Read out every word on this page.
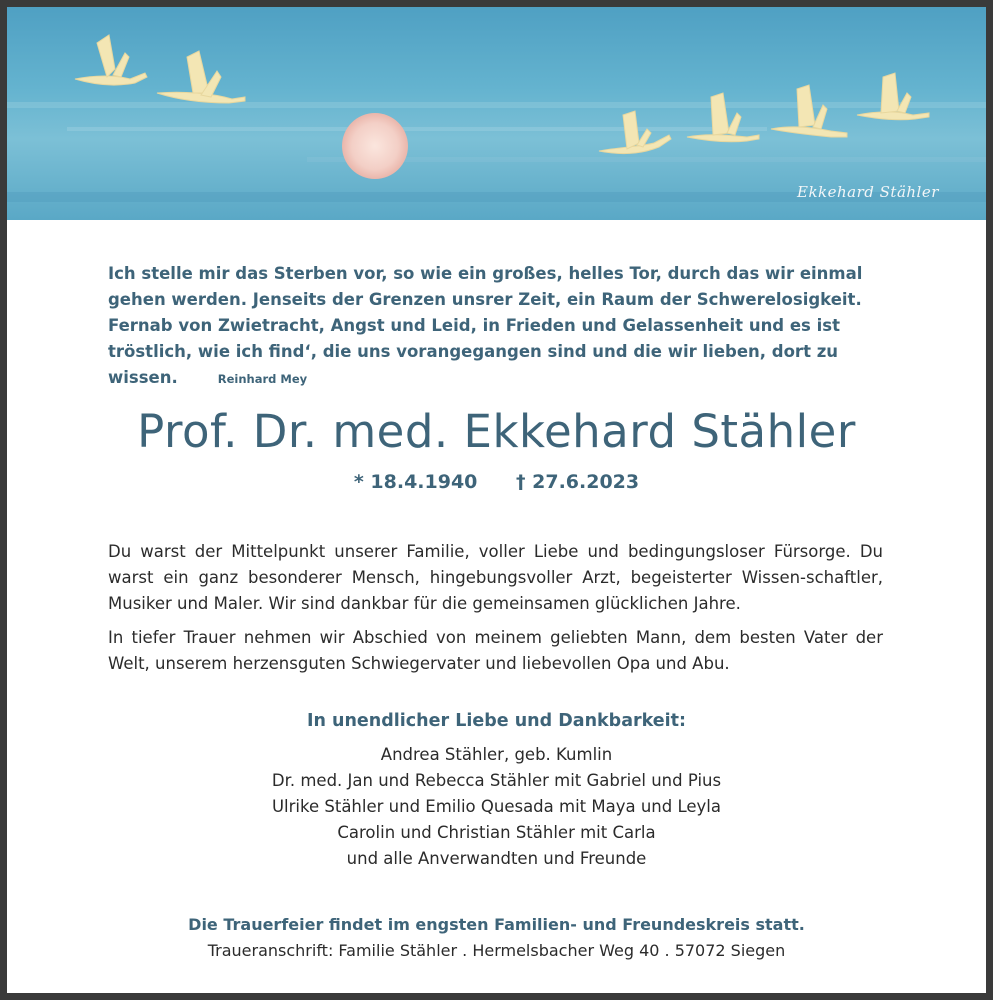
Ekkehard Stähler

Ich stelle mir das Sterben vor, so wie ein großes, helles Tor, durch das wir einmal gehen werden. Jenseits der Grenzen unsrer Zeit, ein Raum der Schwerelosigkeit. Fernab von Zwietracht, Angst und Leid, in Frieden und Gelassenheit und es ist tröstlich, wie ich find‘, die uns vorangegangen sind und die wir lieben, dort zu wissen.	Reinhard Mey

Prof. Dr. med. Ekkehard Stähler
* 18.4.1940 † 27.6.2023

Du warst der Mittelpunkt unserer Familie, voller Liebe und bedingungsloser Fürsorge. Du warst ein ganz besonderer Mensch, hingebungsvoller Arzt, begeisterter Wissen-schaftler, Musiker und Maler. Wir sind dankbar für die gemeinsamen glücklichen Jahre.

In tiefer Trauer nehmen wir Abschied von meinem geliebten Mann, dem besten Vater der Welt, unserem herzensguten Schwiegervater und liebevollen Opa und Abu.

In unendlicher Liebe und Dankbarkeit:
Andrea Stähler, geb. Kumlin
Dr. med. Jan und Rebecca Stähler mit Gabriel und Pius
Ulrike Stähler und Emilio Quesada mit Maya und Leyla
Carolin und Christian Stähler mit Carla
und alle Anverwandten und Freunde
Die Trauerfeier findet im engsten Familien- und Freundeskreis statt.
Traueranschrift: Familie Stähler . Hermelsbacher Weg 40 . 57072 Siegen
